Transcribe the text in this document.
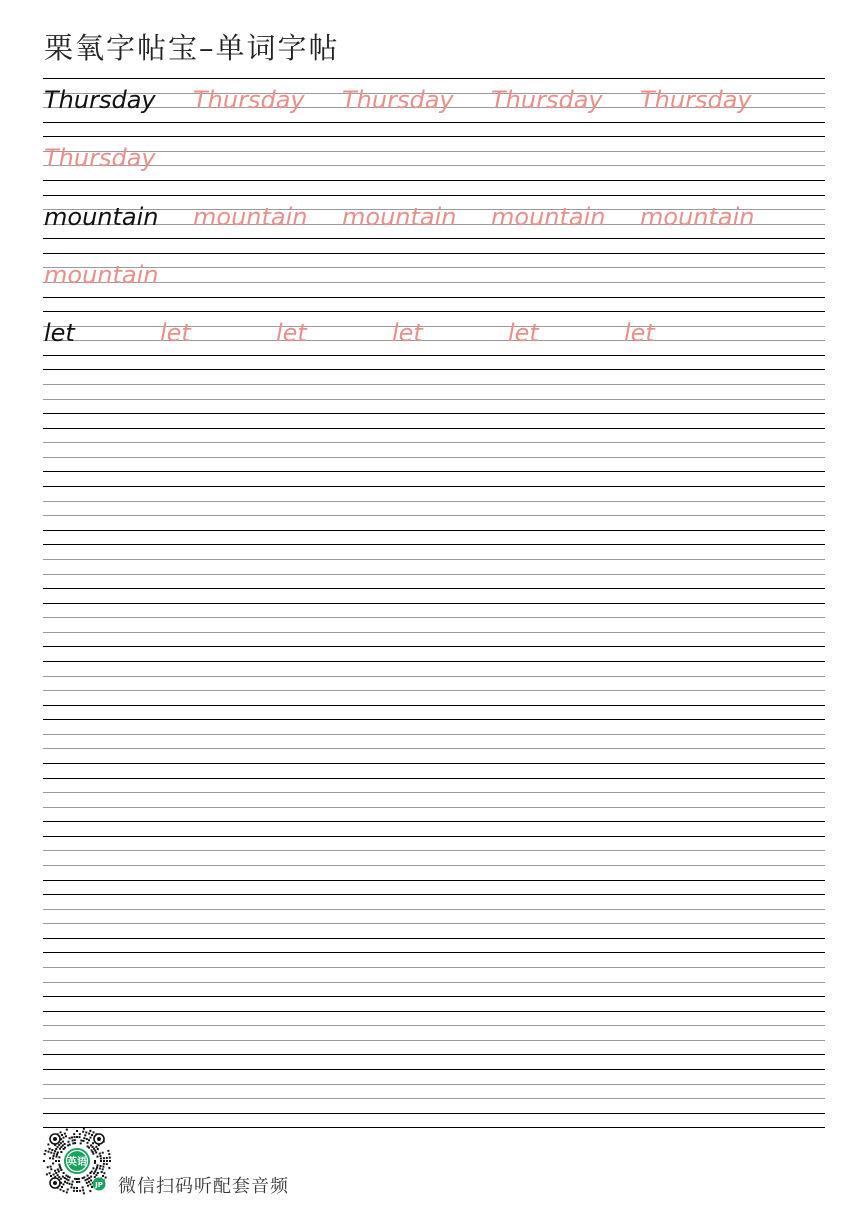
栗氧字帖宝–单词字帖
Thursday	Thursday	Thursday	Thursday	Thursday
Thursday
mountain	mountain	mountain	mountain	mountain
mountain
let	let	let	let	let	let
英语
JP 微信扫码听配套音频
